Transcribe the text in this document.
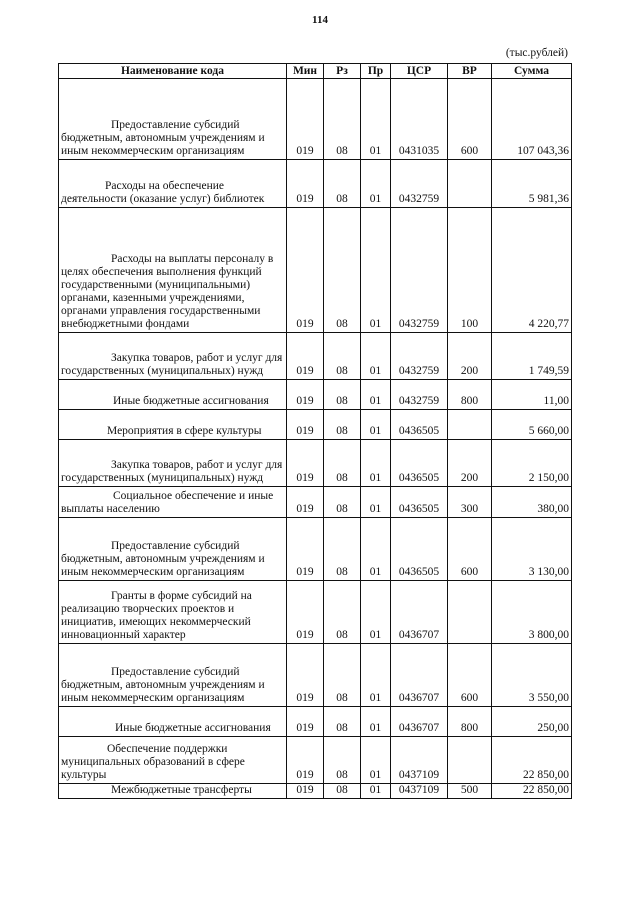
114
(тыс.рублей)
Наименование кода	Мин	Рз	Пр	ЦСР	ВР	Сумма
Предоставление субсидий бюджетным, автономным учреждениям и иным некоммерческим организациям	019	08	01	0431035	600	107 043,36
Расходы на обеспечение деятельности (оказание услуг) библиотек	019	08	01	0432759		5 981,36
Расходы на выплаты персоналу в целях обеспечения выполнения функций государственными (муниципальными) органами, казенными учреждениями, органами управления государственными внебюджетными фондами	019	08	01	0432759	100	4 220,77
Закупка товаров, работ и услуг для государственных (муниципальных) нужд	019	08	01	0432759	200	1 749,59
Иные бюджетные ассигнования	019	08	01	0432759	800	11,00
Мероприятия в сфере культуры	019	08	01	0436505		5 660,00
Закупка товаров, работ и услуг для государственных (муниципальных) нужд	019	08	01	0436505	200	2 150,00
Социальное обеспечение и иные выплаты населению	019	08	01	0436505	300	380,00
Предоставление субсидий бюджетным, автономным учреждениям и иным некоммерческим организациям	019	08	01	0436505	600	3 130,00
Гранты в форме субсидий на реализацию творческих проектов и инициатив, имеющих некоммерческий инновационный характер	019	08	01	0436707		3 800,00
Предоставление субсидий бюджетным, автономным учреждениям и иным некоммерческим организациям	019	08	01	0436707	600	3 550,00
Иные бюджетные ассигнования	019	08	01	0436707	800	250,00
Обеспечение поддержки муниципальных образований в сфере культуры	019	08	01	0437109		22 850,00
Межбюджетные трансферты	019	08	01	0437109	500	22 850,00
